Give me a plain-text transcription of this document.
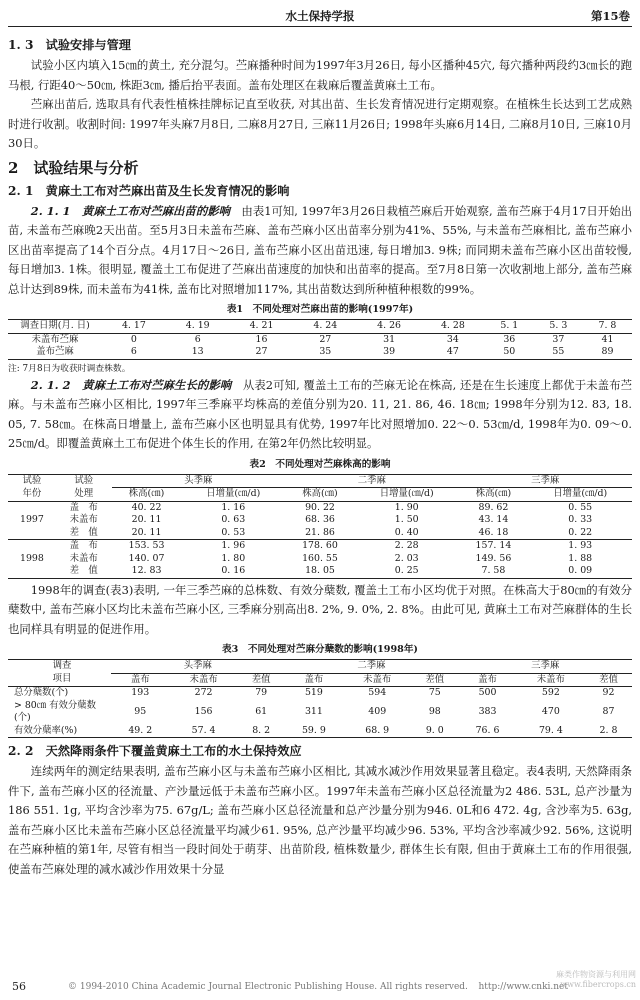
水土保持学报	第15卷
1. 3　试验安排与管理

试验小区内填入15㎝的黄土, 充分混匀。苎麻播种时间为1997年3月26日, 每小区播种45穴, 每穴播种两段约3㎝长的跑马根, 行距40～50㎝, 株距3㎝, 播后抬平表面。盖布处理区在栽麻后覆盖黄麻土工布。

苎麻出苗后, 选取具有代表性植株挂牌标记直至收获, 对其出苗、生长发育情况进行定期观察。在植株生长达到工艺成熟时进行收割。收割时间: 1997年头麻7月8日, 二麻8月27日, 三麻11月26日; 1998年头麻6月14日, 二麻8月10日, 三麻10月30日。

2　试验结果与分析
2. 1　黄麻土工布对苎麻出苗及生长发育情况的影响

2. 1. 1　黄麻土工布对苎麻出苗的影响　 由表1可知, 1997年3月26日栽植苎麻后开始观察, 盖布苎麻于4月17日开始出苗, 未盖布苎麻晚2天出苗。至5月3日未盖布苎麻、盖布苎麻小区出苗率分别为41%、55%, 与未盖布苎麻相比, 盖布苎麻小区出苗率提高了14个百分点。4月17日～26日, 盖布苎麻小区出苗迅速, 每日增加3. 9株; 而同期未盖布苎麻小区出苗较慢, 每日增加3. 1株。很明显, 覆盖土工布促进了苎麻出苗速度的加快和出苗率的提高。至7月8日第一次收割地上部分, 盖布苎麻总计达到89株, 而未盖布为41株, 盖布比对照增加117%, 其出苗数达到所种植种根数的99%。

表1　不同处理对苎麻出苗的影响(1997年)
调查日期(月. 日)	4. 17	4. 19	4. 21	4. 24	4. 26	4. 28	5. 1	5. 3	7. 8
未盖布苎麻	0	6	16	27	31	34	36	37	41
盖布苎麻	6	13	27	35	39	47	50	55	89
注: 7月8日为收获时调查株数。

2. 1. 2　黄麻土工布对苎麻生长的影响　 从表2可知, 覆盖土工布的苎麻无论在株高, 还是在生长速度上都优于未盖布苎麻。与未盖布苎麻小区相比, 1997年三季麻平均株高的差值分别为20. 11, 21. 86, 46. 18㎝; 1998年分别为12. 83, 18. 05, 7. 58㎝。在株高日增量上, 盖布苎麻小区也明显具有优势, 1997年比对照增加0. 22～0. 53㎝/d, 1998年为0. 09～0. 25㎝/d。即覆盖黄麻土工布促进个体生长的作用, 在第2年仍然比较明显。

表2　不同处理对苎麻株高的影响
试验	试验	头季麻		二季麻		三季麻	
年份	处理	株高(㎝)	日增量(㎝/d)	株高(㎝)	日增量(㎝/d)	株高(㎝)	日增量(㎝/d)
1997	盖　布	40. 22	1. 16	90. 22	1. 90	89. 62	0. 55
	未盖布	20. 11	0. 63	68. 36	1. 50	43. 14	0. 33
	差　值	20. 11	0. 53	21. 86	0. 40	46. 18	0. 22
1998	盖　布	153. 53	1. 96	178. 60	2. 28	157. 14	1. 93
	未盖布	140. 07	1. 80	160. 55	2. 03	149. 56	1. 88
	差　值	12. 83	0. 16	18. 05	0. 25	7. 58	0. 09

1998年的调查(表3)表明, 一年三季苎麻的总株数、有效分蘖数, 覆盖土工布小区均优于对照。在株高大于80㎝的有效分蘖数中, 盖布苎麻小区均比未盖布苎麻小区, 三季麻分别高出8. 2%, 9. 0%, 2. 8%。由此可见, 黄麻土工布对苎麻群体的生长也同样具有明显的促进作用。

表3　不同处理对苎麻分蘖数的影响(1998年)
调查	头季麻			二季麻			三季麻		
项目	盖布	未盖布	差值	盖布	未盖布	差值	盖布	未盖布	差值
总分蘖数(个)	193	272	79	519	594	75	500	592	92
> 80㎝ 有效分蘖数(个)	95	156	61	311	409	98	383	470	87
有效分蘖率(%)	49. 2	57. 4	8. 2	59. 9	68. 9	9. 0	76. 6	79. 4	2. 8
2. 2　天然降雨条件下覆盖黄麻土工布的水土保持效应

连续两年的测定结果表明, 盖布苎麻小区与未盖布苎麻小区相比, 其减水减沙作用效果显著且稳定。表4表明, 天然降雨条件下, 盖布苎麻小区的径流量、产沙量远低于未盖布苎麻小区。1997年未盖布苎麻小区总径流量为2 486. 53L, 总产沙量为186 551. 1g, 平均含沙率为75. 67g/L; 盖布苎麻小区总径流量和总产沙量分别为946. 0L和6 472. 4g, 含沙率为5. 63g, 盖布苎麻小区比未盖布苎麻小区总径流量平均减少61. 95%, 总产沙量平均减少96. 53%, 平均含沙率减少92. 56%, 这说明在苎麻种植的第1年, 尽管有相当一段时间处于萌芽、出苗阶段, 植株数量少, 群体生长有限, 但由于黄麻土工布的作用很强, 使盖布苎麻处理的减水减沙作用效果十分显

56	© 1994-2010 China Academic Journal Electronic Publishing House. All rights reserved. http://www.cnki.net
麻类作物资源与利用网
www.fibercrops.cn
